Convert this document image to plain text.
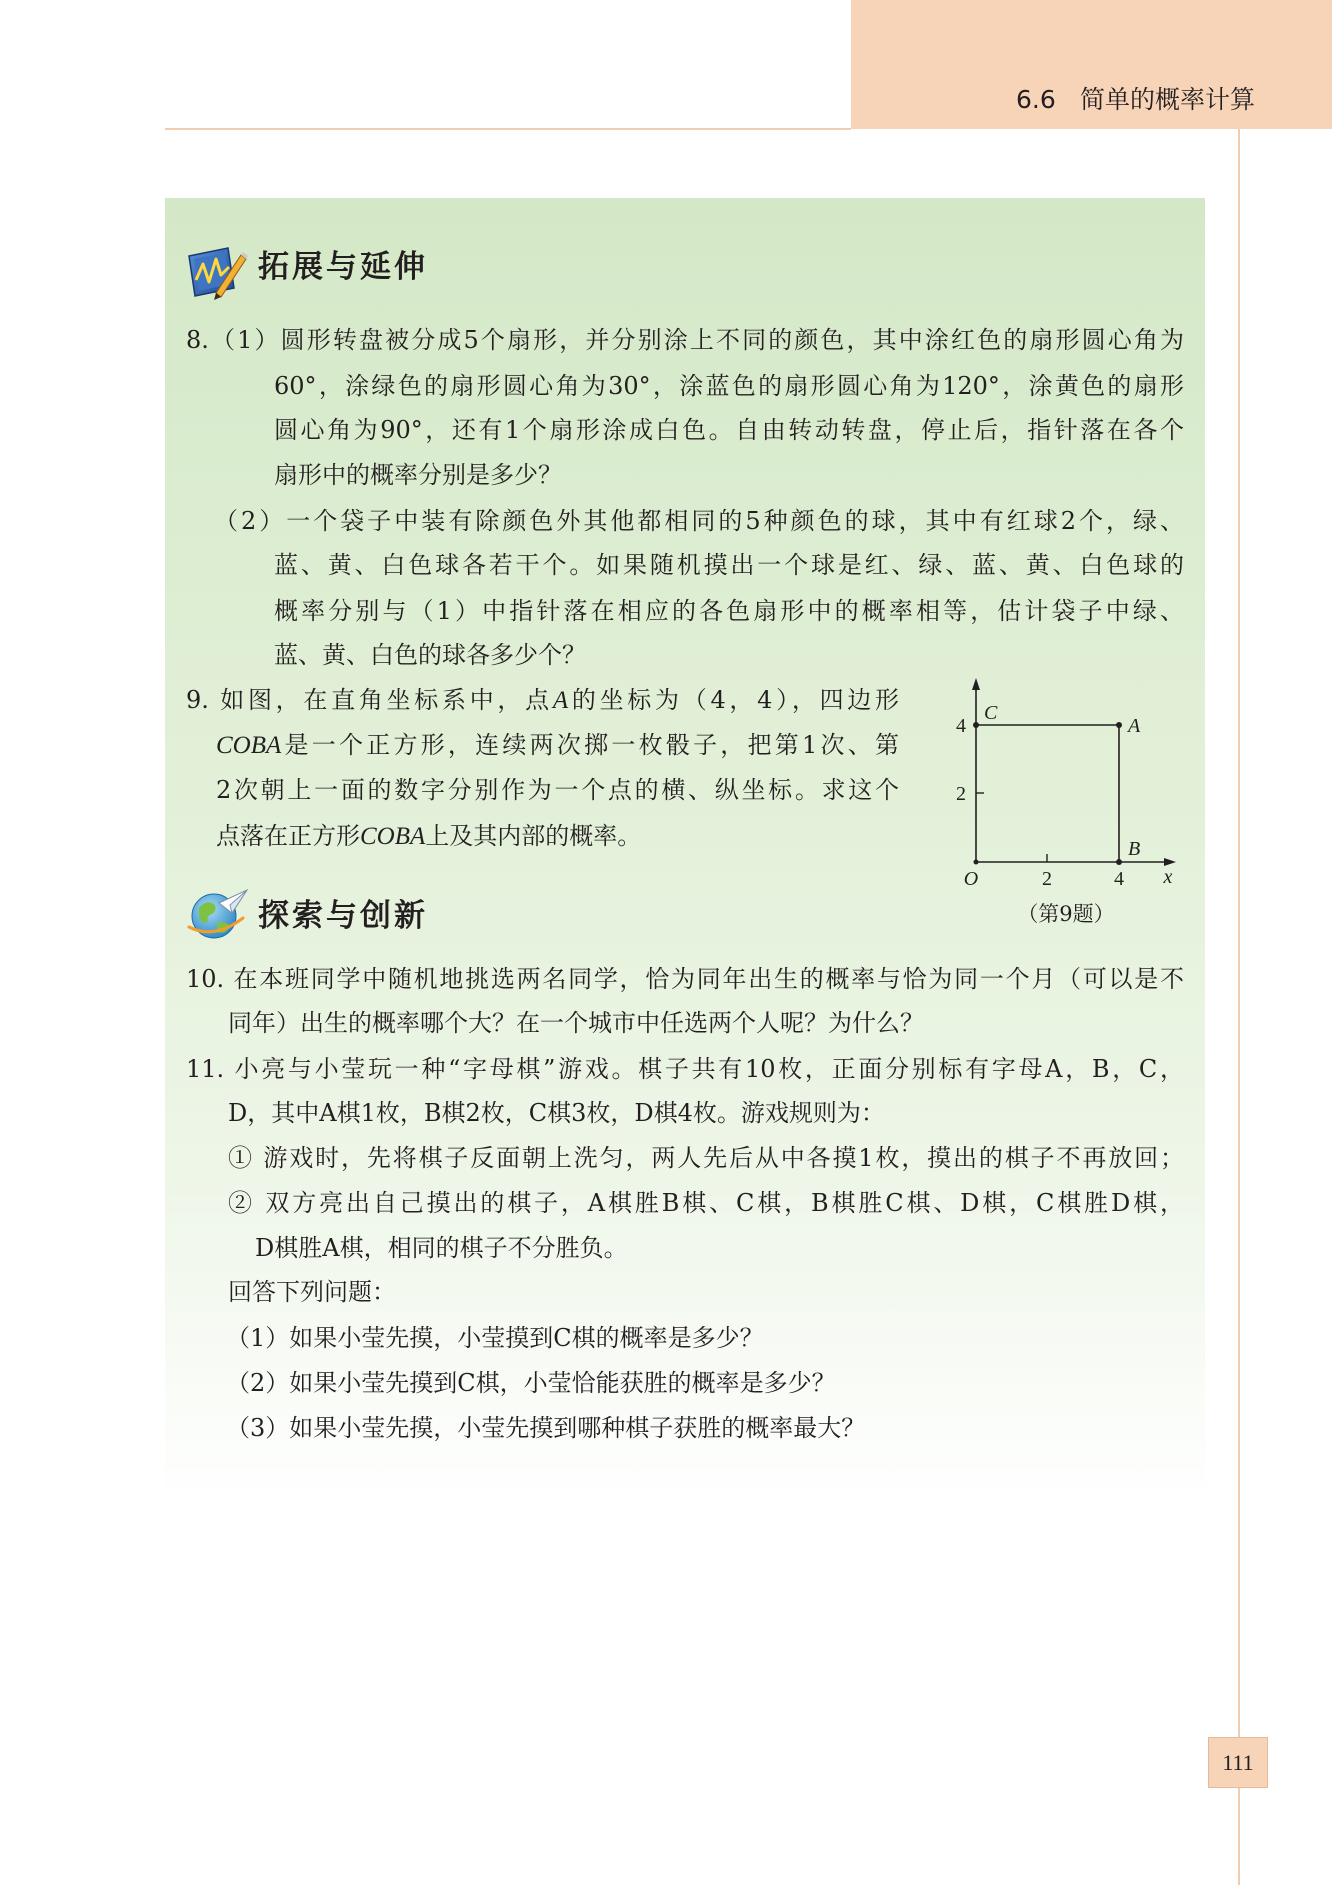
6.6 简单的概率计算
拓展与延伸
8.（1）圆形转盘被分成5个扇形，并分别涂上不同的颜色，其中涂红色的扇形圆心角为
60°，涂绿色的扇形圆心角为30°，涂蓝色的扇形圆心角为120°，涂黄色的扇形
圆心角为90°，还有1个扇形涂成白色。自由转动转盘，停止后，指针落在各个
扇形中的概率分别是多少？
（2）一个袋子中装有除颜色外其他都相同的5种颜色的球，其中有红球2个，绿、
蓝、黄、白色球各若干个。如果随机摸出一个球是红、绿、蓝、黄、白色球的
概率分别与（1）中指针落在相应的各色扇形中的概率相等，估计袋子中绿、
蓝、黄、白色的球各多少个？
9. 如图，在直角坐标系中，点A的坐标为（4，4），四边形
COBA是一个正方形，连续两次掷一枚骰子，把第1次、第
2次朝上一面的数字分别作为一个点的横、纵坐标。求这个
点落在正方形COBA上及其内部的概率。
C
A
B
O
4
2
2	4 x
（第9题）
探索与创新
10. 在本班同学中随机地挑选两名同学，恰为同年出生的概率与恰为同一个月（可以是不
同年）出生的概率哪个大？在一个城市中任选两个人呢？为什么？
11. 小亮与小莹玩一种“字母棋”游戏。棋子共有10枚，正面分别标有字母A，B，C，
D，其中A棋1枚，B棋2枚，C棋3枚，D棋4枚。游戏规则为：
① 游戏时，先将棋子反面朝上洗匀，两人先后从中各摸1枚，摸出的棋子不再放回；
② 双方亮出自己摸出的棋子，A棋胜B棋、C棋，B棋胜C棋、D棋，C棋胜D棋，
D棋胜A棋，相同的棋子不分胜负。
回答下列问题：
（1）如果小莹先摸，小莹摸到C棋的概率是多少？
（2）如果小莹先摸到C棋，小莹恰能获胜的概率是多少？
（3）如果小莹先摸，小莹先摸到哪种棋子获胜的概率最大？
111
